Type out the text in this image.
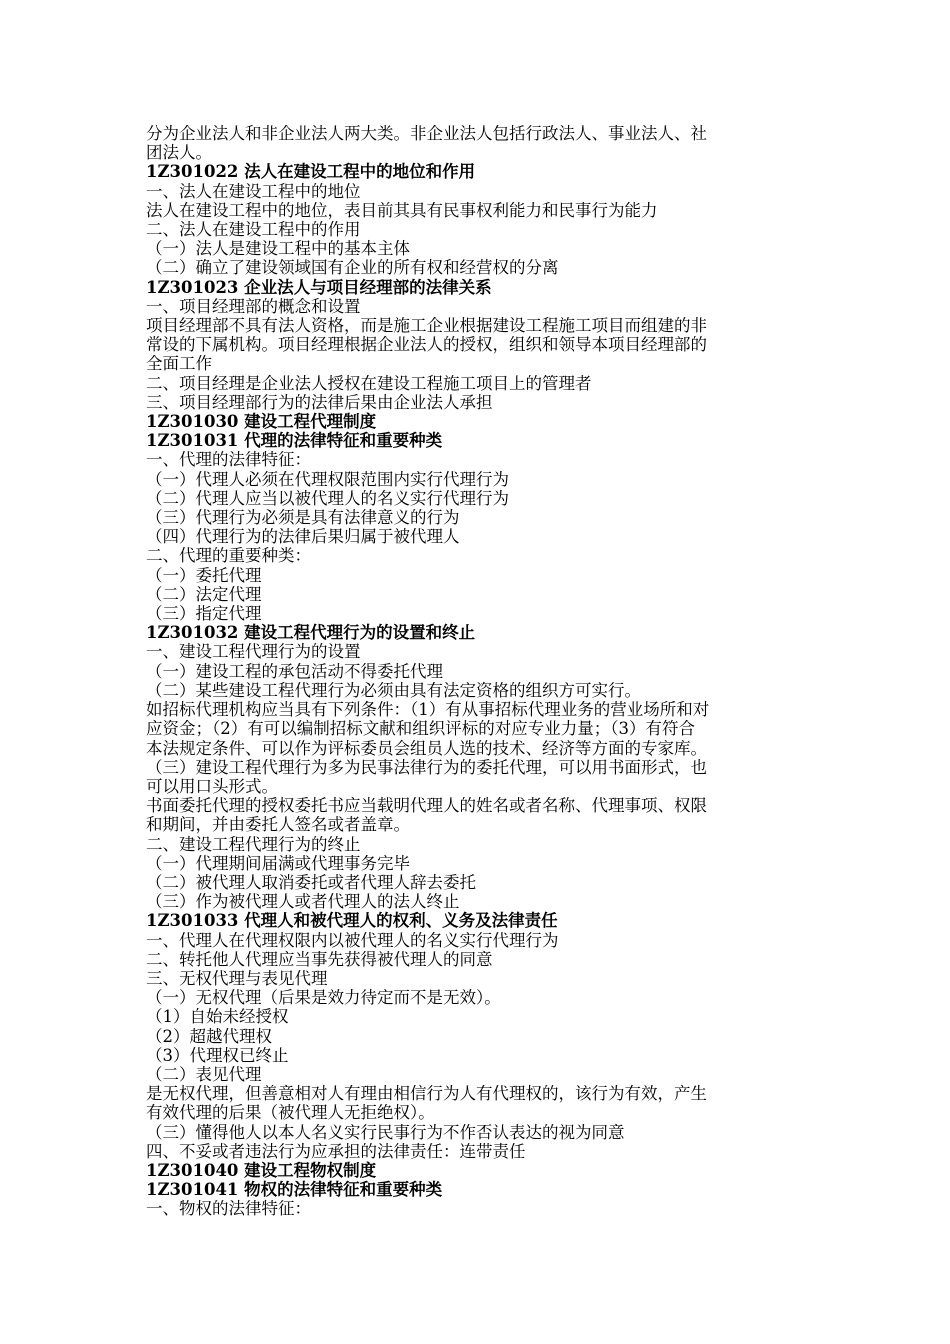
分为企业法人和非企业法人两大类。非企业法人包括行政法人、事业法人、社
团法人。
1Z301022 法人在建设工程中的地位和作用
一、法人在建设工程中的地位
法人在建设工程中的地位，表目前其具有民事权利能力和民事行为能力
二、法人在建设工程中的作用
（一）法人是建设工程中的基本主体
（二）确立了建设领域国有企业的所有权和经营权的分离
1Z301023 企业法人与项目经理部的法律关系
一、项目经理部的概念和设置
项目经理部不具有法人资格，而是施工企业根据建设工程施工项目而组建的非
常设的下属机构。项目经理根据企业法人的授权，组织和领导本项目经理部的
全面工作
二、项目经理是企业法人授权在建设工程施工项目上的管理者
三、项目经理部行为的法律后果由企业法人承担
1Z301030 建设工程代理制度
1Z301031 代理的法律特征和重要种类
一、代理的法律特征：
（一）代理人必须在代理权限范围内实行代理行为
（二）代理人应当以被代理人的名义实行代理行为
（三）代理行为必须是具有法律意义的行为
（四）代理行为的法律后果归属于被代理人
二、代理的重要种类：
（一）委托代理
（二）法定代理
（三）指定代理
1Z301032 建设工程代理行为的设置和终止
一、建设工程代理行为的设置
（一）建设工程的承包活动不得委托代理
（二）某些建设工程代理行为必须由具有法定资格的组织方可实行。
如招标代理机构应当具有下列条件：（1）有从事招标代理业务的营业场所和对
应资金；（2）有可以编制招标文献和组织评标的对应专业力量；（3）有符合
本法规定条件、可以作为评标委员会组员人选的技术、经济等方面的专家库。
（三）建设工程代理行为多为民事法律行为的委托代理，可以用书面形式，也
可以用口头形式。
书面委托代理的授权委托书应当载明代理人的姓名或者名称、代理事项、权限
和期间，并由委托人签名或者盖章。
二、建设工程代理行为的终止
（一）代理期间届满或代理事务完毕
（二）被代理人取消委托或者代理人辞去委托
（三）作为被代理人或者代理人的法人终止
1Z301033 代理人和被代理人的权利、义务及法律责任
一、代理人在代理权限内以被代理人的名义实行代理行为
二、转托他人代理应当事先获得被代理人的同意
三、无权代理与表见代理
（一）无权代理（后果是效力待定而不是无效）。
（1）自始未经授权
（2）超越代理权
（3）代理权已终止
（二）表见代理
是无权代理，但善意相对人有理由相信行为人有代理权的，该行为有效，产生
有效代理的后果（被代理人无拒绝权）。
（三）懂得他人以本人名义实行民事行为不作否认表达的视为同意
四、不妥或者违法行为应承担的法律责任：连带责任
1Z301040 建设工程物权制度
1Z301041 物权的法律特征和重要种类
一、物权的法律特征：
